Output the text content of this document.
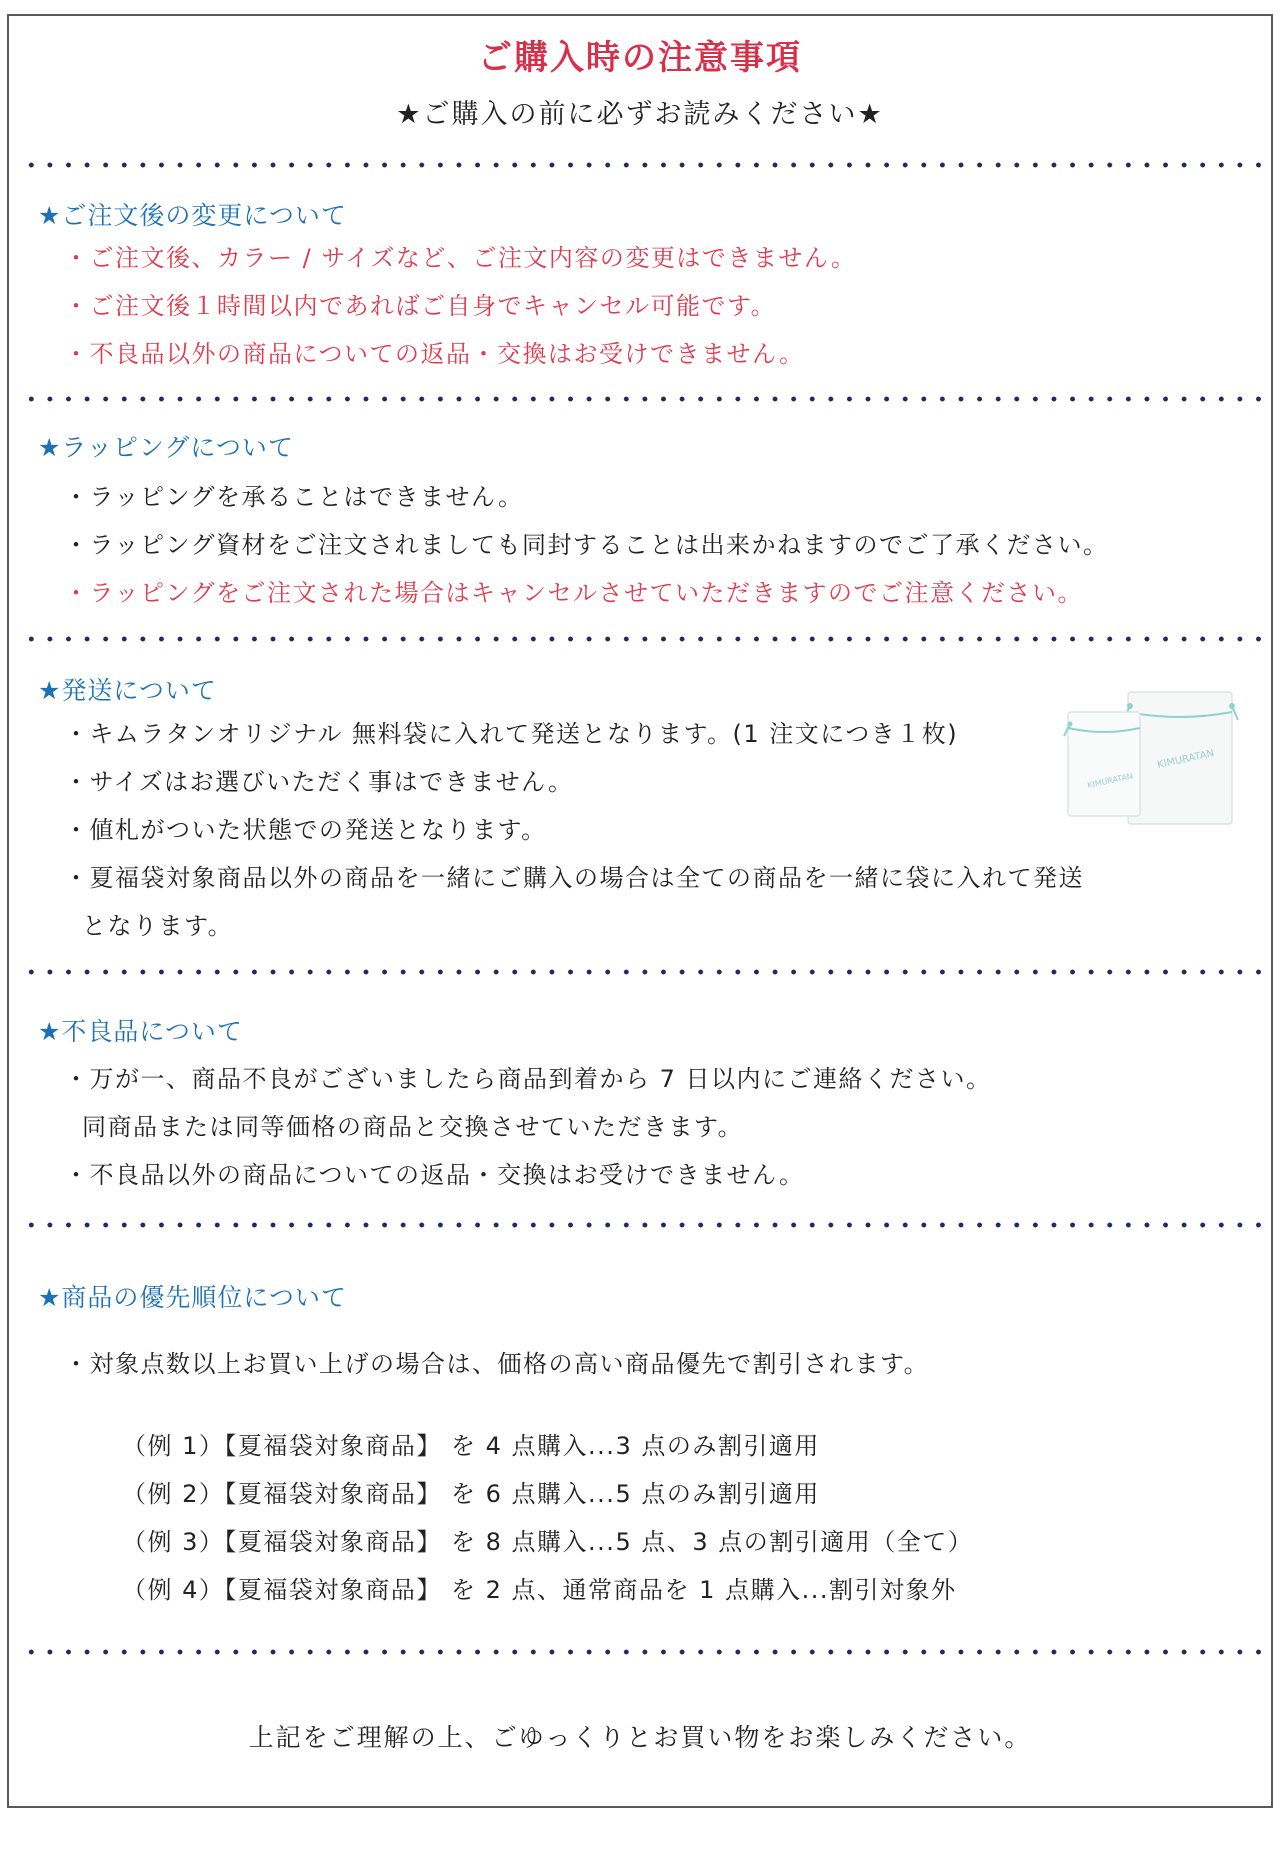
ご購入時の注意事項
★ご購入の前に必ずお読みください★
★ご注文後の変更について
・ご注文後、カラー / サイズなど、ご注文内容の変更はできません。
・ご注文後１時間以内であればご自身でキャンセル可能です。
・不良品以外の商品についての返品・交換はお受けできません。
★ラッピングについて
・ラッピングを承ることはできません。
・ラッピング資材をご注文されましても同封することは出来かねますのでご了承ください。
・ラッピングをご注文された場合はキャンセルさせていただきますのでご注意ください。
★発送について
・キムラタンオリジナル 無料袋に入れて発送となります。(1 注文につき１枚)
・サイズはお選びいただく事はできません。
・値札がついた状態での発送となります。
・夏福袋対象商品以外の商品を一緒にご購入の場合は全ての商品を一緒に袋に入れて発送
となります。
KIMURATAN
KIMURATAN
★不良品について
・万が一、商品不良がございましたら商品到着から 7 日以内にご連絡ください。
同商品または同等価格の商品と交換させていただきます。
・不良品以外の商品についての返品・交換はお受けできません。
★商品の優先順位について
・対象点数以上お買い上げの場合は、価格の高い商品優先で割引されます。
（例 1）【夏福袋対象商品】 を 4 点購入...3 点のみ割引適用
（例 2）【夏福袋対象商品】 を 6 点購入...5 点のみ割引適用
（例 3）【夏福袋対象商品】 を 8 点購入...5 点、3 点の割引適用（全て）
（例 4）【夏福袋対象商品】 を 2 点、通常商品を 1 点購入...割引対象外
上記をご理解の上、ごゆっくりとお買い物をお楽しみください。
